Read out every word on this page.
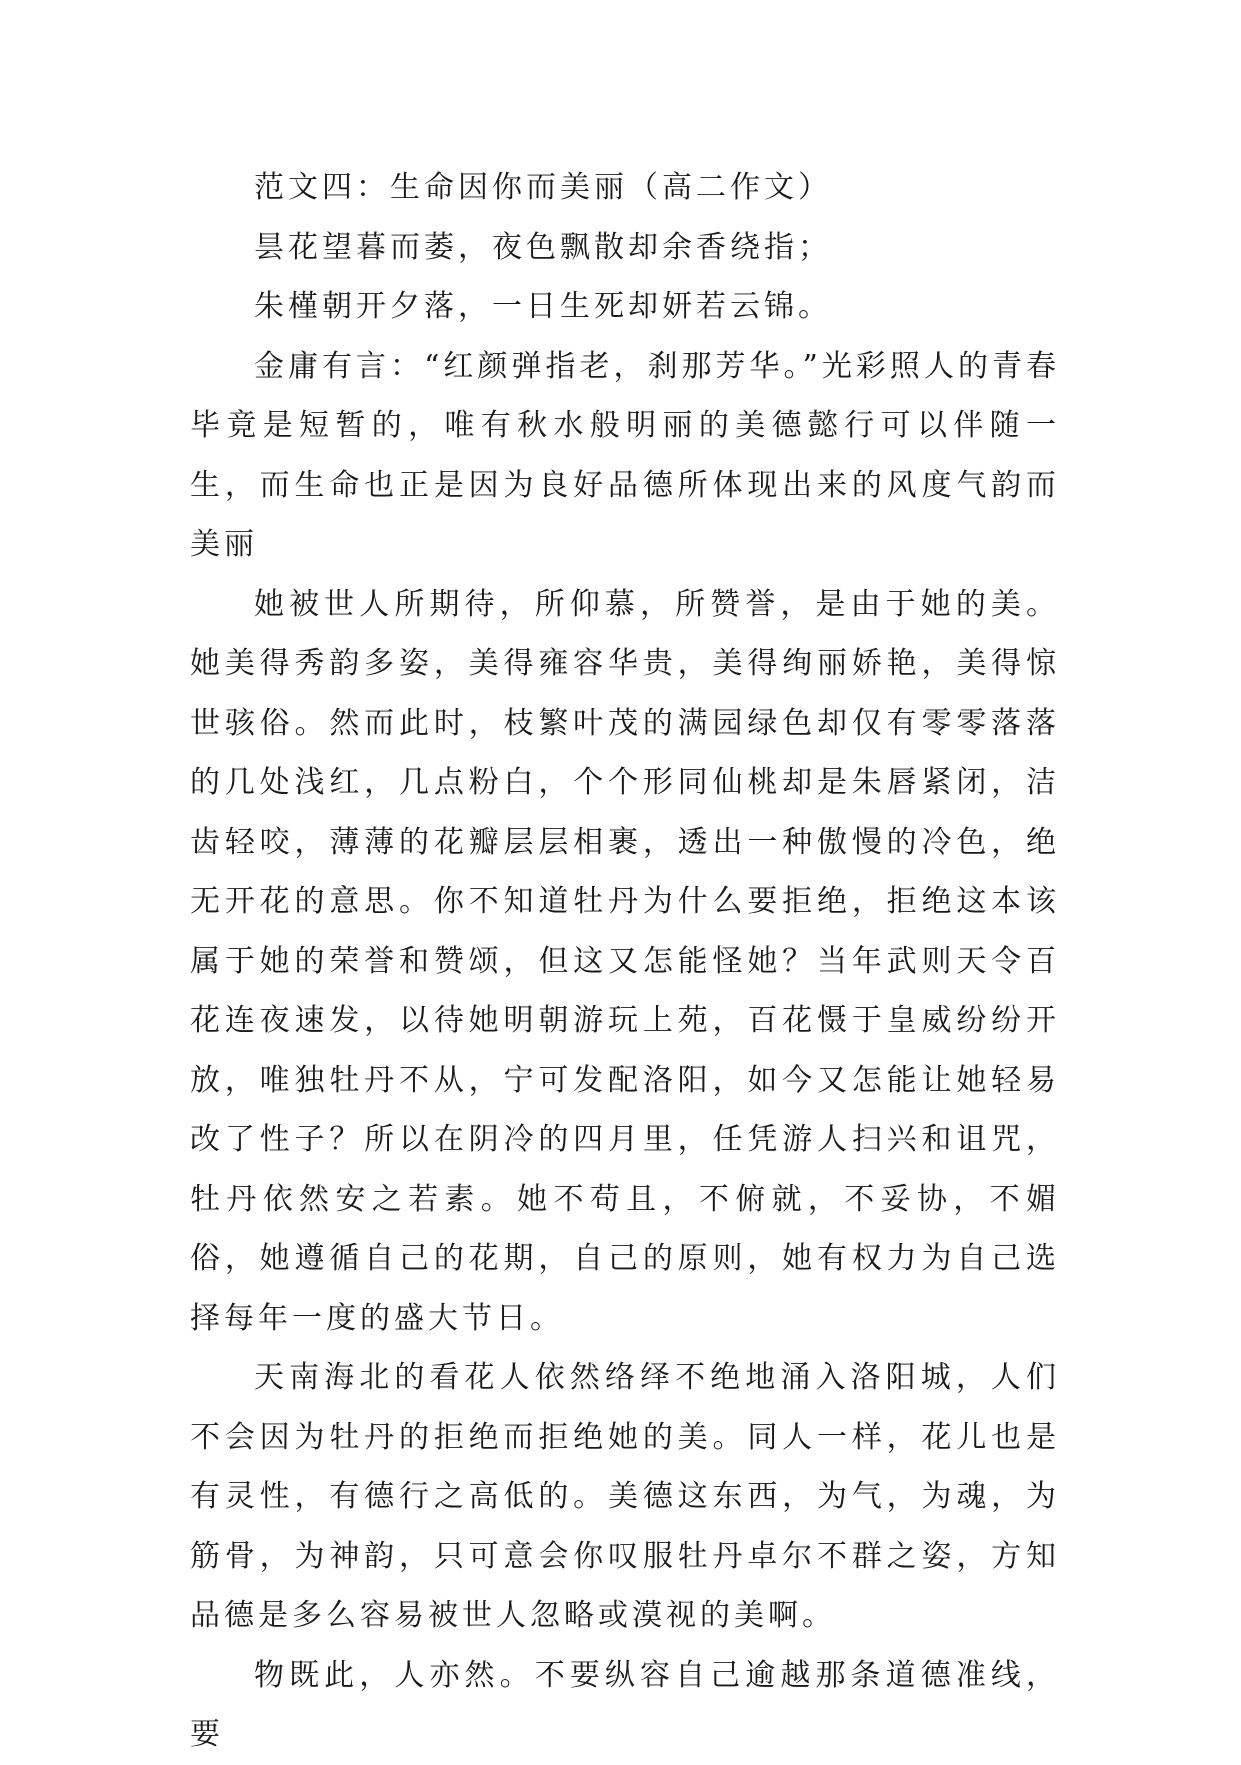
范文四：生命因你而美丽（高二作文）

昙花望暮而萎，夜色飘散却余香绕指；

朱槿朝开夕落，一日生死却妍若云锦。

金庸有言：“红颜弹指老，刹那芳华。”光彩照人的青春毕竟是短暂的，唯有秋水般明丽的美德懿行可以伴随一生，而生命也正是因为良好品德所体现出来的风度气韵而美丽

她被世人所期待，所仰慕，所赞誉，是由于她的美。她美得秀韵多姿，美得雍容华贵，美得绚丽娇艳，美得惊世骇俗。然而此时，枝繁叶茂的满园绿色却仅有零零落落的几处浅红，几点粉白，个个形同仙桃却是朱唇紧闭，洁齿轻咬，薄薄的花瓣层层相裹，透出一种傲慢的冷色，绝无开花的意思。你不知道牡丹为什么要拒绝，拒绝这本该属于她的荣誉和赞颂，但这又怎能怪她？当年武则天令百花连夜速发，以待她明朝游玩上苑，百花慑于皇威纷纷开放，唯独牡丹不从，宁可发配洛阳，如今又怎能让她轻易改了性子？所以在阴冷的四月里，任凭游人扫兴和诅咒，牡丹依然安之若素。她不苟且，不俯就，不妥协，不媚俗，她遵循自己的花期，自己的原则，她有权力为自己选择每年一度的盛大节日。

天南海北的看花人依然络绎不绝地涌入洛阳城，人们不会因为牡丹的拒绝而拒绝她的美。同人一样，花儿也是有灵性，有德行之高低的。美德这东西，为气，为魂，为筋骨，为神韵，只可意会你叹服牡丹卓尔不群之姿，方知品德是多么容易被世人忽略或漠视的美啊。

物既此，人亦然。不要纵容自己逾越那条道德准线，要
